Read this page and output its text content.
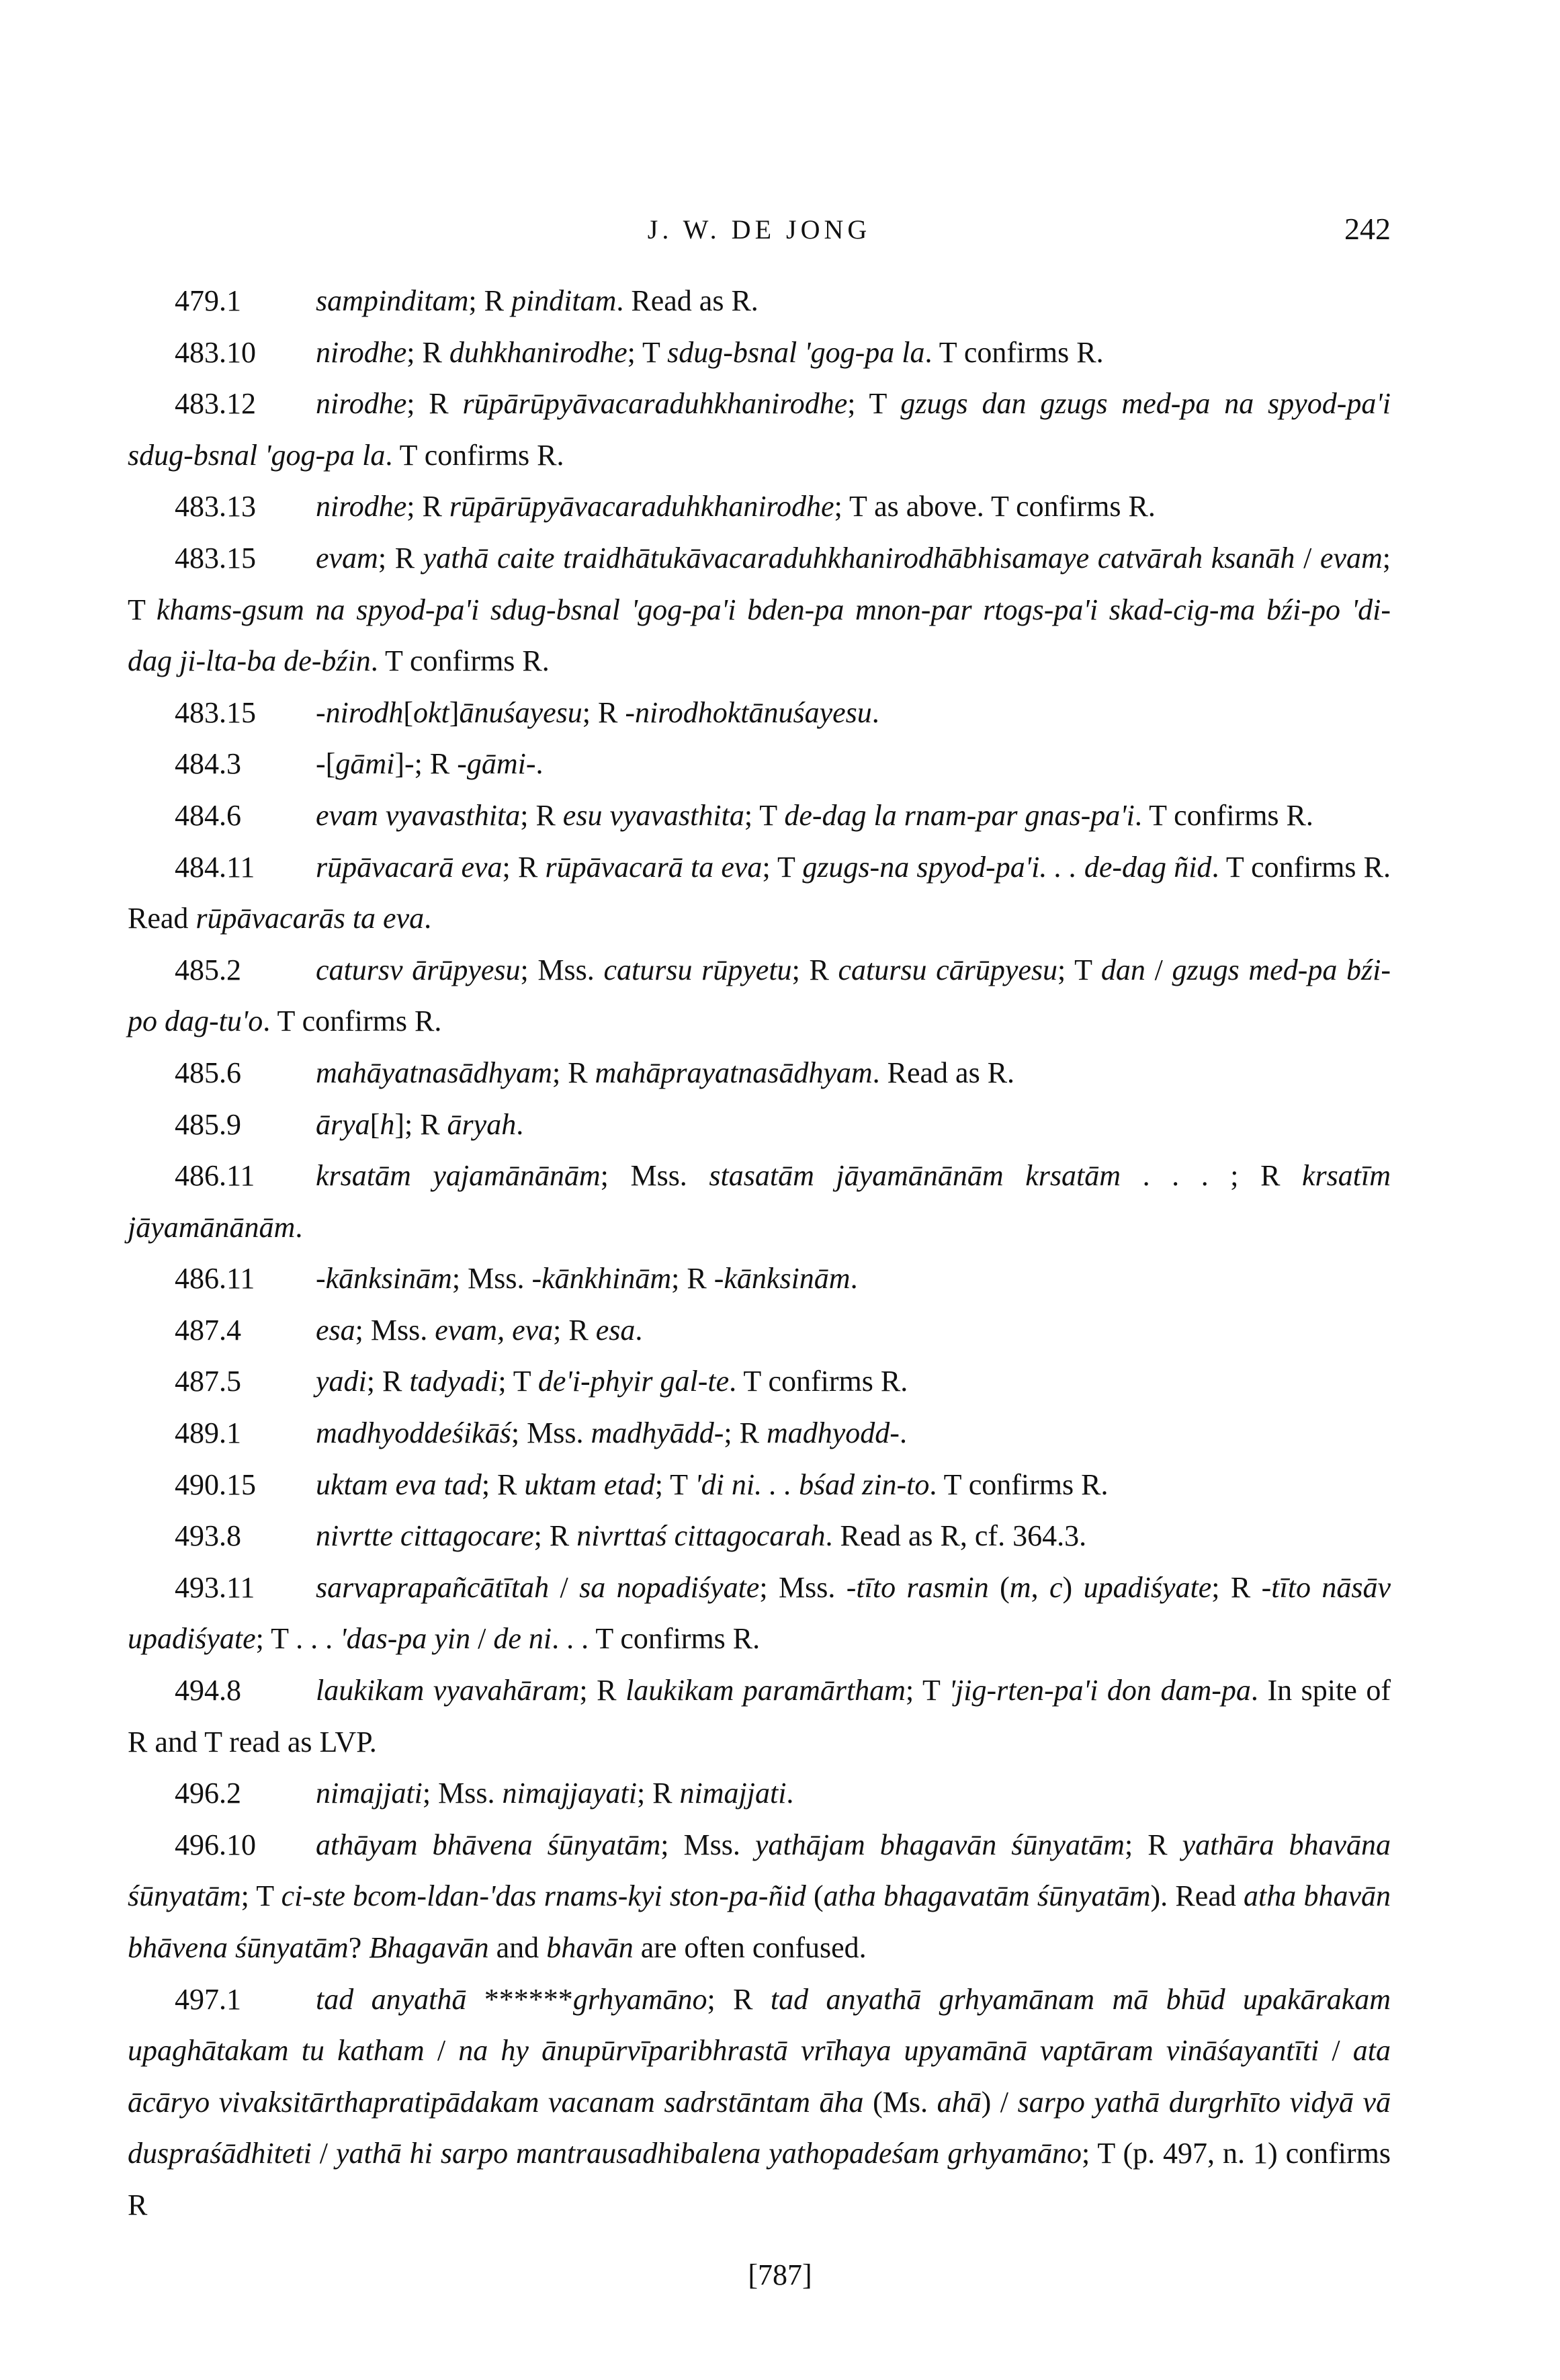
J. W. DE JONG	242

479.1	sampinditam; R pinditam. Read as R.

483.10 nirodhe; R duhkhanirodhe; T sdug-bsnal 'gog-pa la. T confirms R.

483.12 nirodhe; R rūpārūpyāvacaraduhkhanirodhe; T gzugs dan gzugs med-pa na spyod-pa'i sdug-bsnal 'gog-pa la. T confirms R.

483.13 nirodhe; R rūpārūpyāvacaraduhkhanirodhe; T as above. T confirms R.

483.15 evam; R yathā caite traidhātukāvacaraduhkhanirodhābhisamaye catvārah ksanāh / evam; T khams-gsum na spyod-pa'i sdug-bsnal 'gog-pa'i bden-pa mnon-par rtogs-pa'i skad-cig-ma bźi-po 'di-dag ji-lta-ba de-bźin. T confirms R.

483.15 -nirodh[okt]ānuśayesu; R -nirodhoktānuśayesu.

484.3	-[gāmi]-; R -gāmi-.

484.6	evam vyavasthita; R esu vyavasthita; T de-dag la rnam-par gnas-pa'i. T confirms R.

484.11 rūpāvacarā eva; R rūpāvacarā ta eva; T gzugs-na spyod-pa'i. . . de-dag ñid. T confirms R. Read rūpāvacarās ta eva.

485.2	catursv ārūpyesu; Mss. catursu rūpyetu; R catursu cārūpyesu; T dan / gzugs med-pa bźi-po dag-tu'o. T confirms R.

485.6	mahāyatnasādhyam; R mahāprayatnasādhyam. Read as R.

485.9	ārya[h]; R āryah.

486.11 krsatām yajamānānām; Mss. stasatām jāyamānānām krsatām . . . ; R krsatīm jāyamānānām.

486.11 -kānksinām; Mss. -kānkhinām; R -kānksinām.

487.4	esa; Mss. evam, eva; R esa.

487.5	yadi; R tadyadi; T de'i-phyir gal-te. T confirms R.

489.1	madhyoddeśikāś; Mss. madhyādd-; R madhyodd-.

490.15 uktam eva tad; R uktam etad; T 'di ni. . . bśad zin-to. T confirms R.

493.8	nivrtte cittagocare; R nivrttaś cittagocarah. Read as R, cf. 364.3.

493.11 sarvaprapañcātītah / sa nopadiśyate; Mss. -tīto rasmin (m, c) upadiśyate; R -tīto nāsāv upadiśyate; T . . . 'das-pa yin / de ni. . . T confirms R.

494.8	laukikam vyavahāram; R laukikam paramārtham; T 'jig-rten-pa'i don dam-pa. In spite of R and T read as LVP.

496.2	nimajjati; Mss. nimajjayati; R nimajjati.

496.10 athāyam bhāvena śūnyatām; Mss. yathājam bhagavān śūnyatām; R yathāra bhavāna śūnyatām; T ci-ste bcom-ldan-'das rnams-kyi ston-pa-ñid (atha bhagavatām śūnyatām). Read atha bhavān bhāvena śūnyatām? Bhagavān and bhavān are often confused.

497.1	tad anyathā ******grhyamāno; R tad anyathā grhyamānam mā bhūd upakārakam upaghātakam tu katham / na hy ānupūrvīparibhrastā vrīhaya upyamānā vaptāram vināśayantīti / ata ācāryo vivaksitārthapratipādakam vacanam sadrstāntam āha (Ms. ahā) / sarpo yathā durgrhīto vidyā vā duspraśādhiteti / yathā hi sarpo mantrausadhibalena yathopadeśam grhyamāno; T (p. 497, n. 1) confirms R

[787]
